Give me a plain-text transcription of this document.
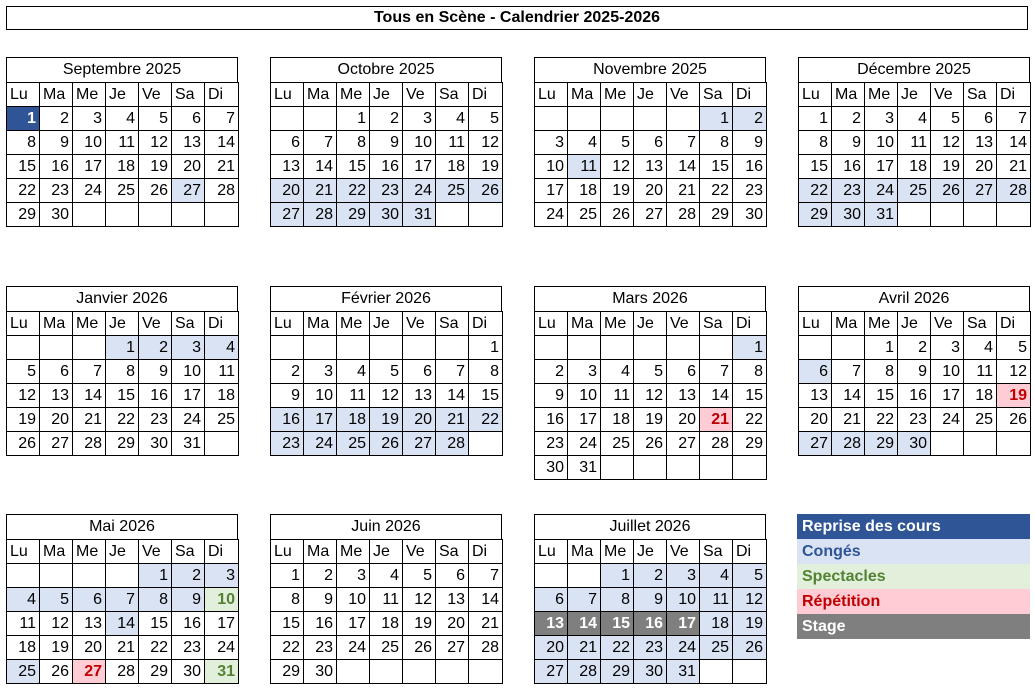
Tous en Scène - Calendrier 2025-2026
Septembre 2025
Lu	Ma	Me	Je	Ve	Sa	Di
1	2	3	4	5	6	7
8	9	10	11	12	13	14
15	16	17	18	19	20	21
22	23	24	25	26	27	28
29	30					
Octobre 2025
Lu	Ma	Me	Je	Ve	Sa	Di
		1	2	3	4	5
6	7	8	9	10	11	12
13	14	15	16	17	18	19
20	21	22	23	24	25	26
27	28	29	30	31		
Novembre 2025
Lu	Ma	Me	Je	Ve	Sa	Di
					1	2
3	4	5	6	7	8	9
10	11	12	13	14	15	16
17	18	19	20	21	22	23
24	25	26	27	28	29	30
Décembre 2025
Lu	Ma	Me	Je	Ve	Sa	Di
1	2	3	4	5	6	7
8	9	10	11	12	13	14
15	16	17	18	19	20	21
22	23	24	25	26	27	28
29	30	31				
Janvier 2026
Lu	Ma	Me	Je	Ve	Sa	Di
			1	2	3	4
5	6	7	8	9	10	11
12	13	14	15	16	17	18
19	20	21	22	23	24	25
26	27	28	29	30	31	
Février 2026
Lu	Ma	Me	Je	Ve	Sa	Di
						1
2	3	4	5	6	7	8
9	10	11	12	13	14	15
16	17	18	19	20	21	22
23	24	25	26	27	28	
Mars 2026
Lu	Ma	Me	Je	Ve	Sa	Di
						1
2	3	4	5	6	7	8
9	10	11	12	13	14	15
16	17	18	19	20	21	22
23	24	25	26	27	28	29
30	31					
Avril 2026
Lu	Ma	Me	Je	Ve	Sa	Di
		1	2	3	4	5
6	7	8	9	10	11	12
13	14	15	16	17	18	19
20	21	22	23	24	25	26
27	28	29	30			
Mai 2026
Lu	Ma	Me	Je	Ve	Sa	Di
				1	2	3
4	5	6	7	8	9	10
11	12	13	14	15	16	17
18	19	20	21	22	23	24
25	26	27	28	29	30	31
Juin 2026
Lu	Ma	Me	Je	Ve	Sa	Di
1	2	3	4	5	6	7
8	9	10	11	12	13	14
15	16	17	18	19	20	21
22	23	24	25	26	27	28
29	30					
Juillet 2026
Lu	Ma	Me	Je	Ve	Sa	Di
		1	2	3	4	5
6	7	8	9	10	11	12
13	14	15	16	17	18	19
20	21	22	23	24	25	26
27	28	29	30	31		
Reprise des cours
Congés
Spectacles
Répétition
Stage
